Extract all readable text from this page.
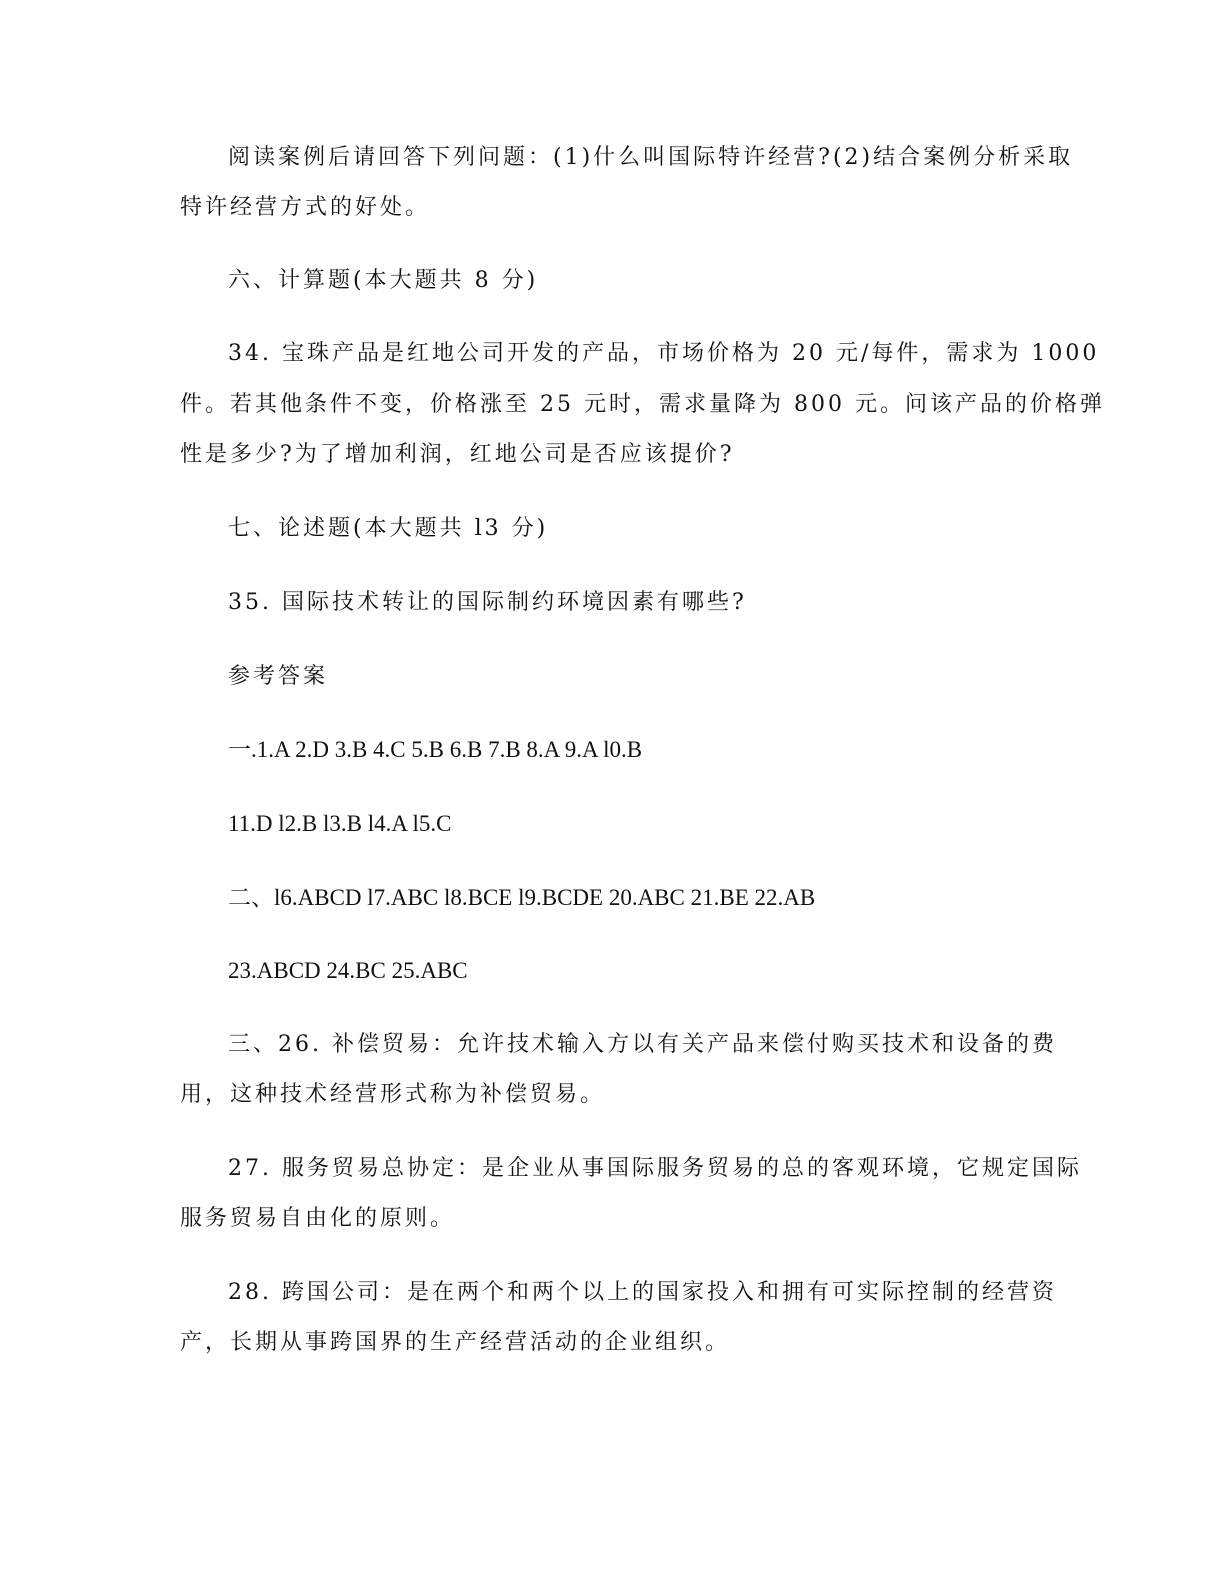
阅读案例后请回答下列问题：(1)什么叫国际特许经营?(2)结合案例分析采取

特许经营方式的好处。

六、计算题(本大题共 8 分)

34. 宝珠产品是红地公司开发的产品，市场价格为 20 元/每件，需求为 1000

件。若其他条件不变，价格涨至 25 元时，需求量降为 800 元。问该产品的价格弹

性是多少?为了增加利润，红地公司是否应该提价?

七、论述题(本大题共 l3 分)

35. 国际技术转让的国际制约环境因素有哪些?

参考答案

一.1.A 2.D 3.B 4.C 5.B 6.B 7.B 8.A 9.A l0.B

11.D l2.B l3.B l4.A l5.C

二、l6.ABCD l7.ABC l8.BCE l9.BCDE 20.ABC 21.BE 22.AB

23.ABCD 24.BC 25.ABC

三、26. 补偿贸易：允许技术输入方以有关产品来偿付购买技术和设备的费

用，这种技术经营形式称为补偿贸易。

27. 服务贸易总协定：是企业从事国际服务贸易的总的客观环境，它规定国际

服务贸易自由化的原则。

28. 跨国公司：是在两个和两个以上的国家投入和拥有可实际控制的经营资

产，长期从事跨国界的生产经营活动的企业组织。
